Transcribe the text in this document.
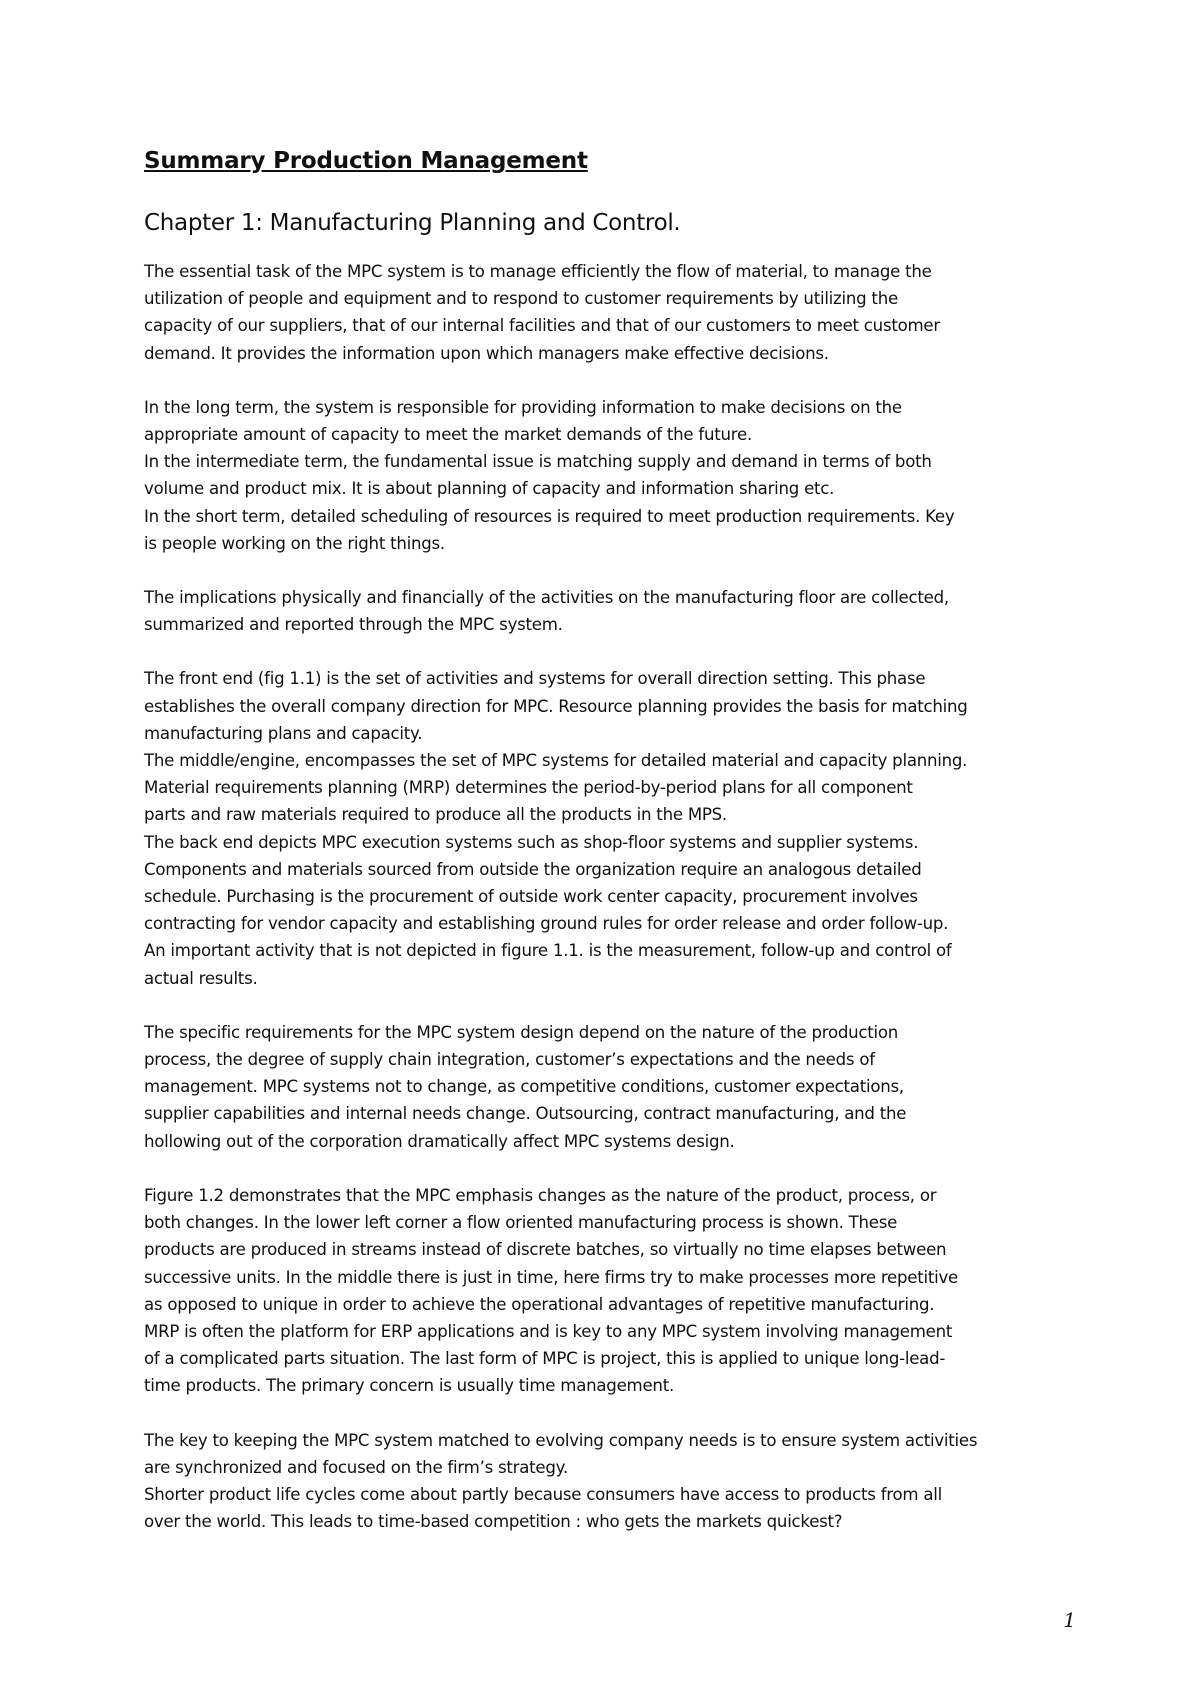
Summary Production Management
Chapter 1: Manufacturing Planning and Control.

The essential task of the MPC system is to manage efficiently the flow of material, to manage the
utilization of people and equipment and to respond to customer requirements by utilizing the
capacity of our suppliers, that of our internal facilities and that of our customers to meet customer
demand. It provides the information upon which managers make effective decisions.

In the long term, the system is responsible for providing information to make decisions on the
appropriate amount of capacity to meet the market demands of the future.
In the intermediate term, the fundamental issue is matching supply and demand in terms of both
volume and product mix. It is about planning of capacity and information sharing etc.
In the short term, detailed scheduling of resources is required to meet production requirements. Key
is people working on the right things.

The implications physically and financially of the activities on the manufacturing floor are collected,
summarized and reported through the MPC system.

The front end (fig 1.1) is the set of activities and systems for overall direction setting. This phase
establishes the overall company direction for MPC. Resource planning provides the basis for matching
manufacturing plans and capacity.
The middle/engine, encompasses the set of MPC systems for detailed material and capacity planning.
Material requirements planning (MRP) determines the period-by-period plans for all component
parts and raw materials required to produce all the products in the MPS.
The back end depicts MPC execution systems such as shop-floor systems and supplier systems.
Components and materials sourced from outside the organization require an analogous detailed
schedule. Purchasing is the procurement of outside work center capacity, procurement involves
contracting for vendor capacity and establishing ground rules for order release and order follow-up.
An important activity that is not depicted in figure 1.1. is the measurement, follow-up and control of
actual results.

The specific requirements for the MPC system design depend on the nature of the production
process, the degree of supply chain integration, customer’s expectations and the needs of
management. MPC systems not to change, as competitive conditions, customer expectations,
supplier capabilities and internal needs change. Outsourcing, contract manufacturing, and the
hollowing out of the corporation dramatically affect MPC systems design.

Figure 1.2 demonstrates that the MPC emphasis changes as the nature of the product, process, or
both changes. In the lower left corner a flow oriented manufacturing process is shown. These
products are produced in streams instead of discrete batches, so virtually no time elapses between
successive units. In the middle there is just in time, here firms try to make processes more repetitive
as opposed to unique in order to achieve the operational advantages of repetitive manufacturing.
MRP is often the platform for ERP applications and is key to any MPC system involving management
of a complicated parts situation. The last form of MPC is project, this is applied to unique long-lead-
time products. The primary concern is usually time management.

The key to keeping the MPC system matched to evolving company needs is to ensure system activities
are synchronized and focused on the firm’s strategy.
Shorter product life cycles come about partly because consumers have access to products from all
over the world. This leads to time-based competition : who gets the markets quickest?

1
